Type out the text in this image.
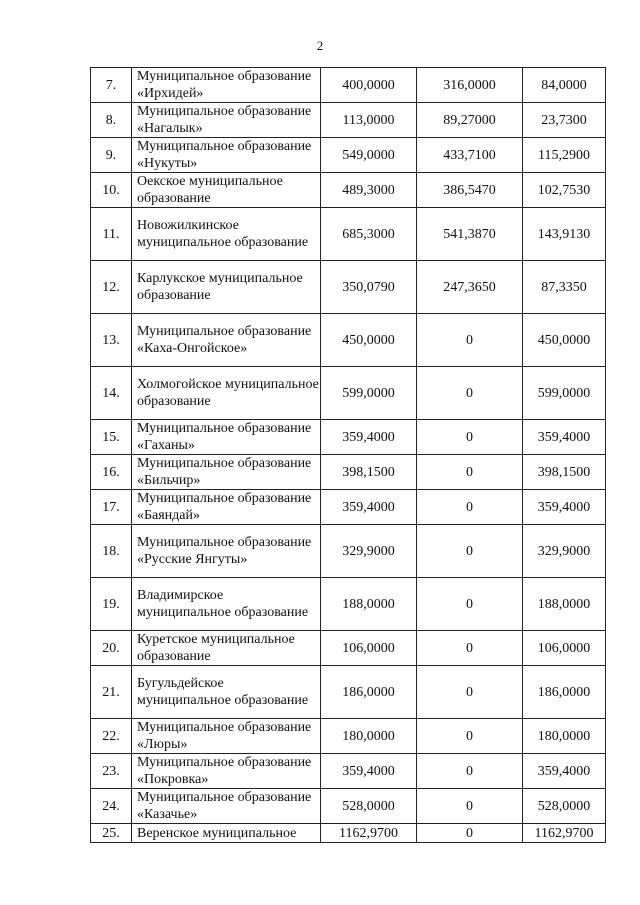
2
7.	Муниципальное образование «Ирхидей»	400,0000	316,0000	84,0000
8.	Муниципальное образование «Нагалык»	113,0000	89,27000	23,7300
9.	Муниципальное образование «Нукуты»	549,0000	433,7100	115,2900
10.	Оекское муниципальное образование	489,3000	386,5470	102,7530
11.	Новожилкинское муниципальное образование	685,3000	541,3870	143,9130
12.	Карлукское муниципальное образование	350,0790	247,3650	87,3350
13.	Муниципальное образование «Каха-Онгойское»	450,0000	0	450,0000
14.	Холмогойское муниципальное образование	599,0000	0	599,0000
15.	Муниципальное образование «Гаханы»	359,4000	0	359,4000
16.	Муниципальное образование «Бильчир»	398,1500	0	398,1500
17.	Муниципальное образование «Баяндай»	359,4000	0	359,4000
18.	Муниципальное образование «Русские Янгуты»	329,9000	0	329,9000
19.	Владимирское муниципальное образование	188,0000	0	188,0000
20.	Куретское муниципальное образование	106,0000	0	106,0000
21.	Бугульдейское муниципальное образование	186,0000	0	186,0000
22.	Муниципальное образование «Люры»	180,0000	0	180,0000
23.	Муниципальное образование «Покровка»	359,4000	0	359,4000
24.	Муниципальное образование «Казачье»	528,0000	0	528,0000
25.	Веренское муниципальное	1162,9700	0	1162,9700
